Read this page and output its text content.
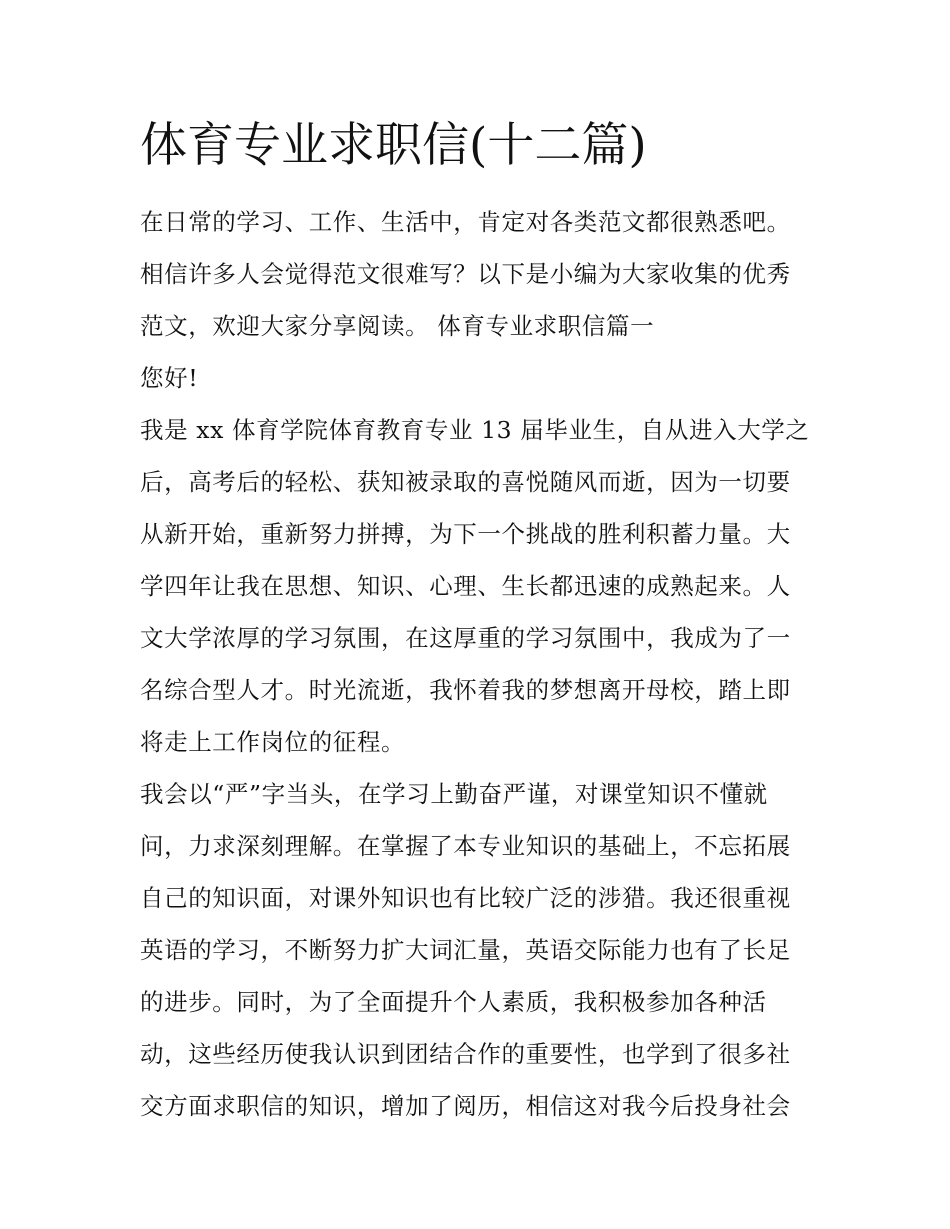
体育专业求职信(十二篇)
在日常的学习、工作、生活中，肯定对各类范文都很熟悉吧。
相信许多人会觉得范文很难写？以下是小编为大家收集的优秀
范文，欢迎大家分享阅读。 体育专业求职信篇一
您好!
我是 xx 体育学院体育教育专业 13 届毕业生，自从进入大学之
后，高考后的轻松、获知被录取的喜悦随风而逝，因为一切要
从新开始，重新努力拼搏，为下一个挑战的胜利积蓄力量。大
学四年让我在思想、知识、心理、生长都迅速的成熟起来。人
文大学浓厚的学习氛围，在这厚重的学习氛围中，我成为了一
名综合型人才。时光流逝，我怀着我的梦想离开母校，踏上即
将走上工作岗位的征程。
我会以“严”字当头，在学习上勤奋严谨，对课堂知识不懂就
问，力求深刻理解。在掌握了本专业知识的基础上，不忘拓展
自己的知识面，对课外知识也有比较广泛的涉猎。我还很重视
英语的学习，不断努力扩大词汇量，英语交际能力也有了长足
的进步。同时，为了全面提升个人素质，我积极参加各种活
动，这些经历使我认识到团结合作的重要性，也学到了很多社
交方面求职信的知识，增加了阅历，相信这对我今后投身社会
